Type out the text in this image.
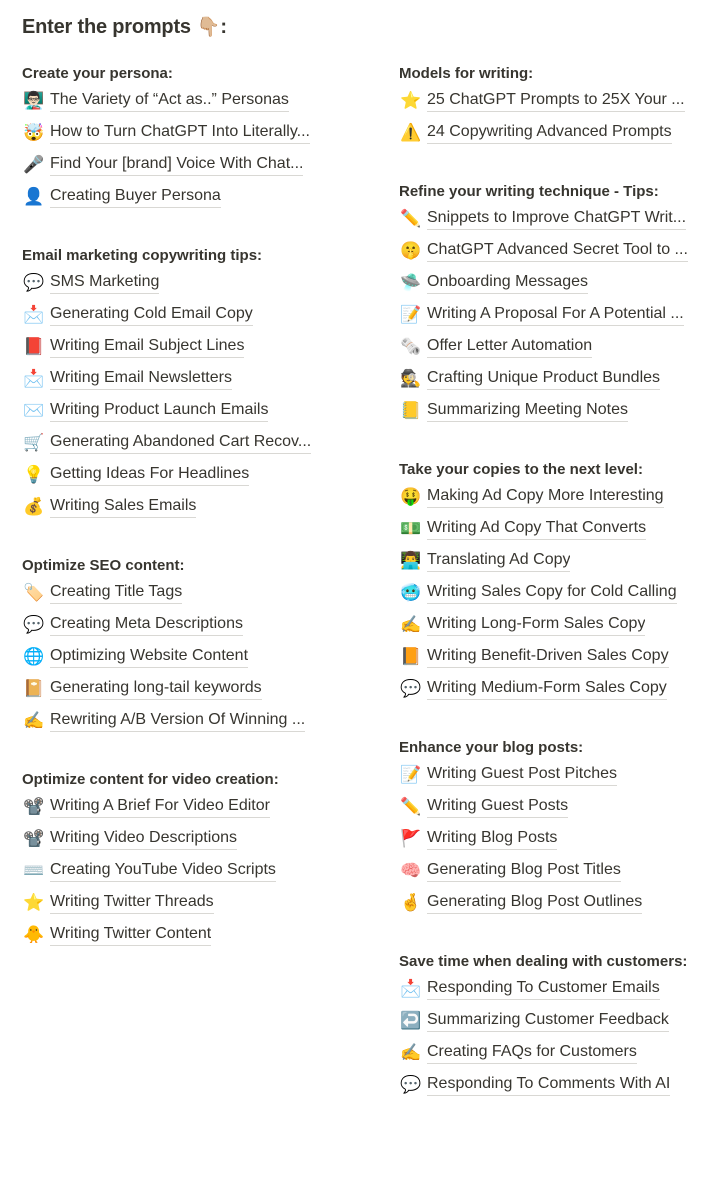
Enter the prompts 👇🏼:
Create your persona:
👨🏻‍🏫 The Variety of “Act as..” Personas
🤯 How to Turn ChatGPT Into Literally...
🎤 Find Your [brand] Voice With Chat...
👤 Creating Buyer Persona
Email marketing copywriting tips:
💬 SMS Marketing
📩 Generating Cold Email Copy
📕 Writing Email Subject Lines
📩 Writing Email Newsletters
✉️ Writing Product Launch Emails
🛒 Generating Abandoned Cart Recov...
💡 Getting Ideas For Headlines
💰 Writing Sales Emails
Optimize SEO content:
🏷️ Creating Title Tags
💬 Creating Meta Descriptions
🌐 Optimizing Website Content
📔 Generating long-tail keywords
✍️ Rewriting A/B Version Of Winning ...
Optimize content for video creation:
📽️ Writing A Brief For Video Editor
📽️ Writing Video Descriptions
⌨️ Creating YouTube Video Scripts
⭐ Writing Twitter Threads
🐥 Writing Twitter Content
Models for writing:
⭐ 25 ChatGPT Prompts to 25X Your ...
⚠️ 24 Copywriting Advanced Prompts
Refine your writing technique - Tips:
✏️ Snippets to Improve ChatGPT Writ...
🤫 ChatGPT Advanced Secret Tool to ...
🛸 Onboarding Messages
📝 Writing A Proposal For A Potential ...
🗞️ Offer Letter Automation
🕵️ Crafting Unique Product Bundles
📒 Summarizing Meeting Notes
Take your copies to the next level:
🤑 Making Ad Copy More Interesting
💵 Writing Ad Copy That Converts
👨‍💻 Translating Ad Copy
🥶 Writing Sales Copy for Cold Calling
✍️ Writing Long-Form Sales Copy
📙 Writing Benefit-Driven Sales Copy
💬 Writing Medium-Form Sales Copy
Enhance your blog posts:
📝 Writing Guest Post Pitches
✏️ Writing Guest Posts
🚩 Writing Blog Posts
🧠 Generating Blog Post Titles
🤞 Generating Blog Post Outlines
Save time when dealing with customers:
📩 Responding To Customer Emails
↩️ Summarizing Customer Feedback
✍️ Creating FAQs for Customers
💬 Responding To Comments With AI
